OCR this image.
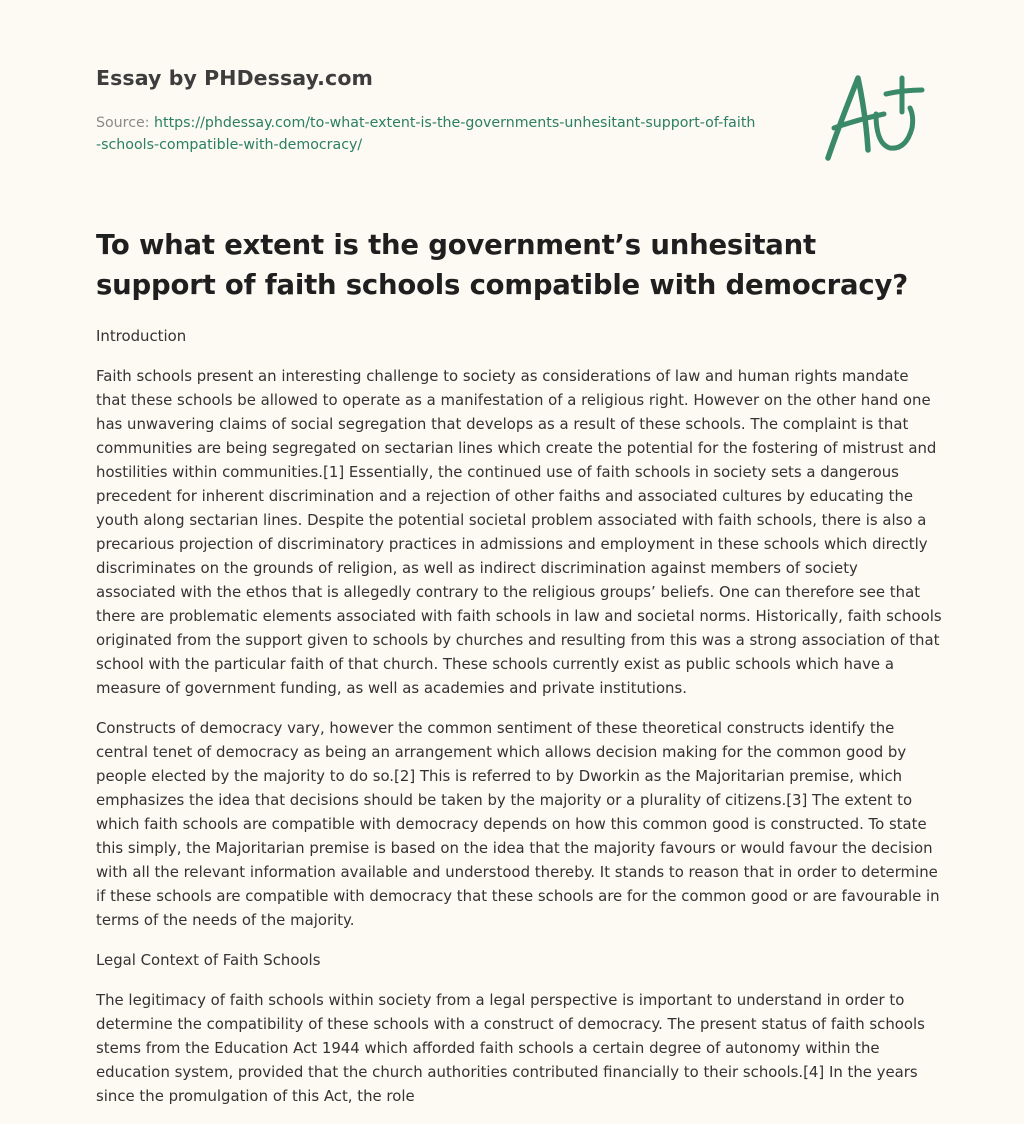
Essay by PHDessay.com
Source: https://phdessay.com/to-what-extent-is-the-governments-unhesitant-support-of-faith-schools-compatible-with-democracy/
To what extent is the government’s unhesitant support of faith schools compatible with democracy?

Introduction

Faith schools present an interesting challenge to society as considerations of law and human rights mandate that these schools be allowed to operate as a manifestation of a religious right. However on the other hand one has unwavering claims of social segregation that develops as a result of these schools. The complaint is that communities are being segregated on sectarian lines which create the potential for the fostering of mistrust and hostilities within communities.[1] Essentially, the continued use of faith schools in society sets a dangerous precedent for inherent discrimination and a rejection of other faiths and associated cultures by educating the youth along sectarian lines. Despite the potential societal problem associated with faith schools, there is also a precarious projection of discriminatory practices in admissions and employment in these schools which directly discriminates on the grounds of religion, as well as indirect discrimination against members of society associated with the ethos that is allegedly contrary to the religious groups’ beliefs. One can therefore see that there are problematic elements associated with faith schools in law and societal norms. Historically, faith schools originated from the support given to schools by churches and resulting from this was a strong association of that school with the particular faith of that church. These schools currently exist as public schools which have a measure of government funding, as well as academies and private institutions.

Constructs of democracy vary, however the common sentiment of these theoretical constructs identify the central tenet of democracy as being an arrangement which allows decision making for the common good by people elected by the majority to do so.[2] This is referred to by Dworkin as the Majoritarian premise, which emphasizes the idea that decisions should be taken by the majority or a plurality of citizens.[3] The extent to which faith schools are compatible with democracy depends on how this common good is constructed. To state this simply, the Majoritarian premise is based on the idea that the majority favours or would favour the decision with all the relevant information available and understood thereby. It stands to reason that in order to determine if these schools are compatible with democracy that these schools are for the common good or are favourable in terms of the needs of the majority.

Legal Context of Faith Schools

The legitimacy of faith schools within society from a legal perspective is important to understand in order to determine the compatibility of these schools with a construct of democracy. The present status of faith schools stems from the Education Act 1944 which afforded faith schools a certain degree of autonomy within the education system, provided that the church authorities contributed financially to their schools.[4] In the years since the promulgation of this Act, the role
